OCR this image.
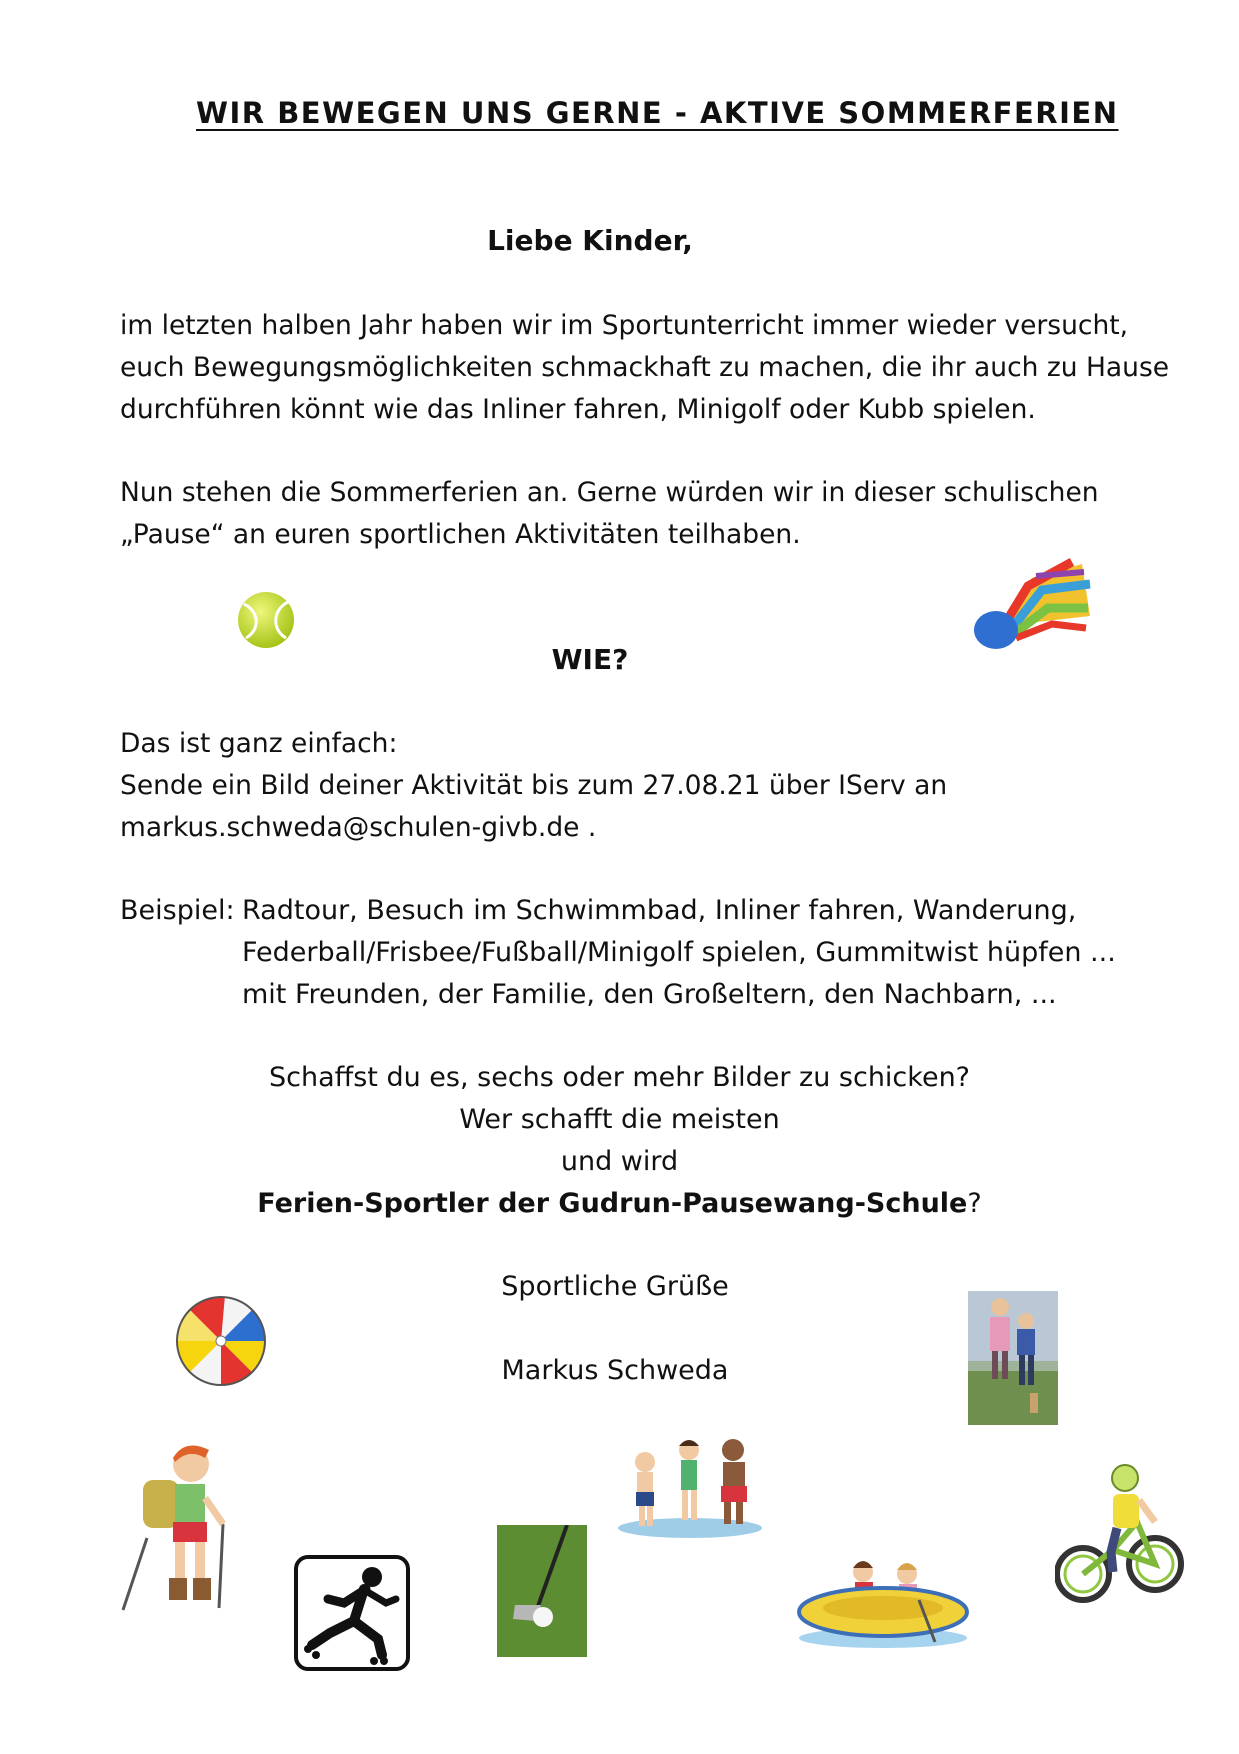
WIR BEWEGEN UNS GERNE - AKTIVE SOMMERFERIEN
Liebe Kinder,
im letzten halben Jahr haben wir im Sportunterricht immer wieder versucht,
euch Bewegungsmöglichkeiten schmackhaft zu machen, die ihr auch zu Hause
durchführen könnt wie das Inliner fahren, Minigolf oder Kubb spielen.
Nun stehen die Sommerferien an. Gerne würden wir in dieser schulischen
„Pause“ an euren sportlichen Aktivitäten teilhaben.
WIE?
Das ist ganz einfach:
Sende ein Bild deiner Aktivität bis zum 27.08.21 über IServ an
markus.schweda@schulen-givb.de .
Beispiel: Radtour, Besuch im Schwimmbad, Inliner fahren, Wanderung,
Federball/Frisbee/Fußball/Minigolf spielen, Gummitwist hüpfen ...
mit Freunden, der Familie, den Großeltern, den Nachbarn, ...
Schaffst du es, sechs oder mehr Bilder zu schicken?
Wer schafft die meisten
und wird
Ferien-Sportler der Gudrun-Pausewang-Schule?
Sportliche Grüße
Markus Schweda
